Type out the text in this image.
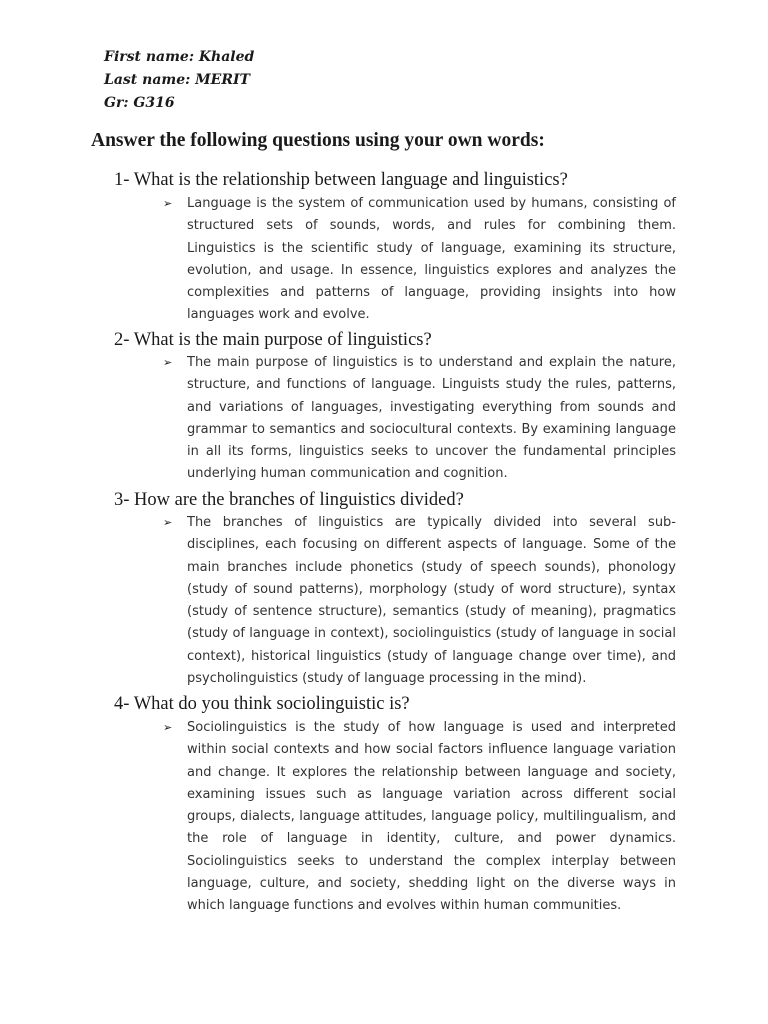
First name: Khaled
Last name: MERIT
Gr: G316
Answer the following questions using your own words:
1- What is the relationship between language and linguistics?
➢ Language is the system of communication used by humans, consisting of structured sets of sounds, words, and rules for combining them. Linguistics is the scientific study of language, examining its structure, evolution, and usage. In essence, linguistics explores and analyzes the complexities and patterns of language, providing insights into how languages work and evolve.
2- What is the main purpose of linguistics?
➢ The main purpose of linguistics is to understand and explain the nature, structure, and functions of language. Linguists study the rules, patterns, and variations of languages, investigating everything from sounds and grammar to semantics and sociocultural contexts. By examining language in all its forms, linguistics seeks to uncover the fundamental principles underlying human communication and cognition.
3- How are the branches of linguistics divided?
➢ The branches of linguistics are typically divided into several sub-disciplines, each focusing on different aspects of language. Some of the main branches include phonetics (study of speech sounds), phonology (study of sound patterns), morphology (study of word structure), syntax (study of sentence structure), semantics (study of meaning), pragmatics (study of language in context), sociolinguistics (study of language in social context), historical linguistics (study of language change over time), and psycholinguistics (study of language processing in the mind).
4- What do you think sociolinguistic is?
➢ Sociolinguistics is the study of how language is used and interpreted within social contexts and how social factors influence language variation and change. It explores the relationship between language and society, examining issues such as language variation across different social groups, dialects, language attitudes, language policy, multilingualism, and the role of language in identity, culture, and power dynamics. Sociolinguistics seeks to understand the complex interplay between language, culture, and society, shedding light on the diverse ways in which language functions and evolves within human communities.
